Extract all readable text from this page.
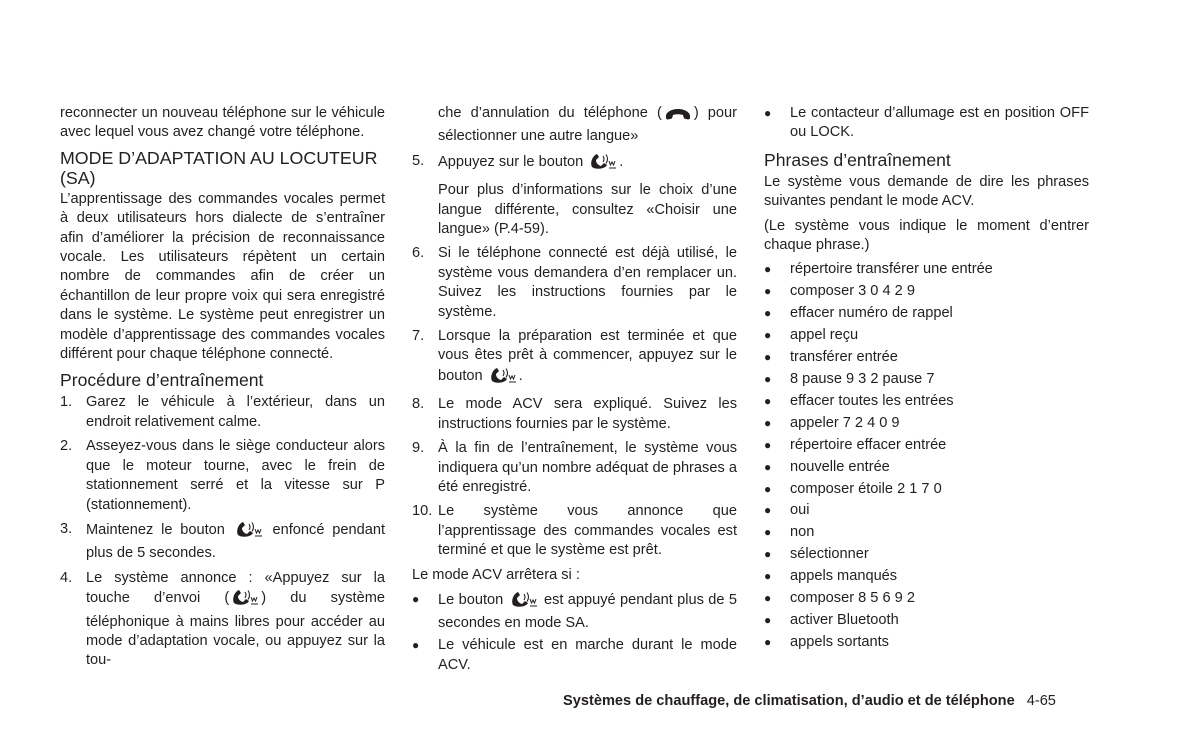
reconnecter un nouveau téléphone sur le véhicule avec lequel vous avez changé votre téléphone.

MODE D’ADAPTATION AU LOCUTEUR (SA)

L’apprentissage des commandes vocales permet à deux utilisateurs hors dialecte de s’entraîner afin d’améliorer la précision de reconnaissance vocale. Les utilisateurs répètent un certain nombre de commandes afin de créer un échantillon de leur propre voix qui sera enregistré dans le système. Le système peut enregistrer un modèle d’apprentissage des commandes vocales différent pour chaque téléphone connecté.

Procédure d’entraînement
1. Garez le véhicule à l’extérieur, dans un endroit relativement calme.
2. Asseyez-vous dans le siège conducteur alors que le moteur tourne, avec le frein de stationnement serré et la vitesse sur P (stationnement).
3. Maintenez le bouton	enfoncé pendant plus de 5 secondes.
4. Le système annonce : «Appuyez sur la touche d’envoi ( ) du système téléphonique à mains libres pour accéder au mode d’adaptation vocale, ou appuyez sur la tou-
che d’annulation du téléphone ( ) pour sélectionner une autre langue»
5. Appuyez sur le bouton .

Pour plus d’informations sur le choix d’une langue différente, consultez «Choisir une langue» (P.4-59).

6. Si le téléphone connecté est déjà utilisé, le système vous demandera d’en remplacer un. Suivez les instructions fournies par le système.
7. Lorsque la préparation est terminée et que vous êtes prêt à commencer, appuyez sur le bouton .
8. Le mode ACV sera expliqué. Suivez les instructions fournies par le système.
9. À la fin de l’entraînement, le système vous indiquera qu’un nombre adéquat de phrases a été enregistré.
10. Le système vous annonce que l’apprentissage des commandes vocales est terminé et que le système est prêt.

Le mode ACV arrêtera si :

●	Le bouton	est appuyé pendant plus de 5 secondes en mode SA.
●	Le véhicule est en marche durant le mode ACV.
●	Le contacteur d’allumage est en position OFF ou LOCK.
Phrases d’entraînement

Le système vous demande de dire les phrases suivantes pendant le mode ACV.

(Le système vous indique le moment d’entrer chaque phrase.)

●	répertoire transférer une entrée
●	composer 3 0 4 2 9
●	effacer numéro de rappel
●	appel reçu
●	transférer entrée
●	8 pause 9 3 2 pause 7
●	effacer toutes les entrées
●	appeler 7 2 4 0 9
●	répertoire effacer entrée
●	nouvelle entrée
●	composer étoile 2 1 7 0
●	oui
●	non
●	sélectionner
●	appels manqués
●	composer 8 5 6 9 2
●	activer Bluetooth
●	appels sortants
Systèmes de chauffage, de climatisation, d’audio et de téléphone 4-65
